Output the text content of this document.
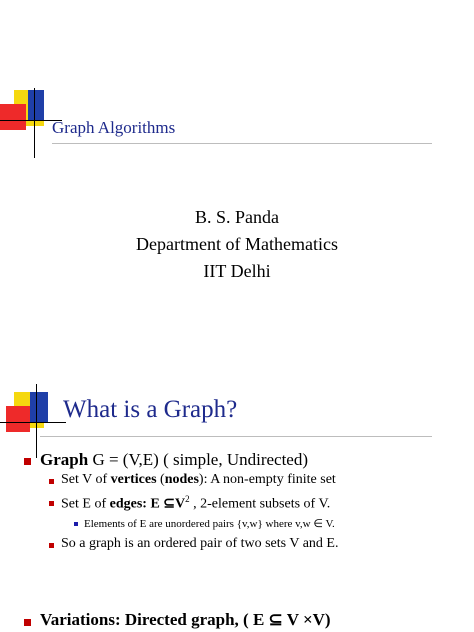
Graph Algorithms
B. S. Panda
Department of Mathematics
IIT Delhi
What is a Graph?
Graph G = (V,E) ( simple, Undirected)
Set V of vertices (nodes): A non-empty finite set
Set E of edges: E $⊆V^2$ , 2-element subsets of V.
Elements of E are unordered pairs {v,w} where v,w ∈ V.
So a graph is an ordered pair of two sets V and E.
Variations: Directed graph, ( E ⊆ V ×V)
